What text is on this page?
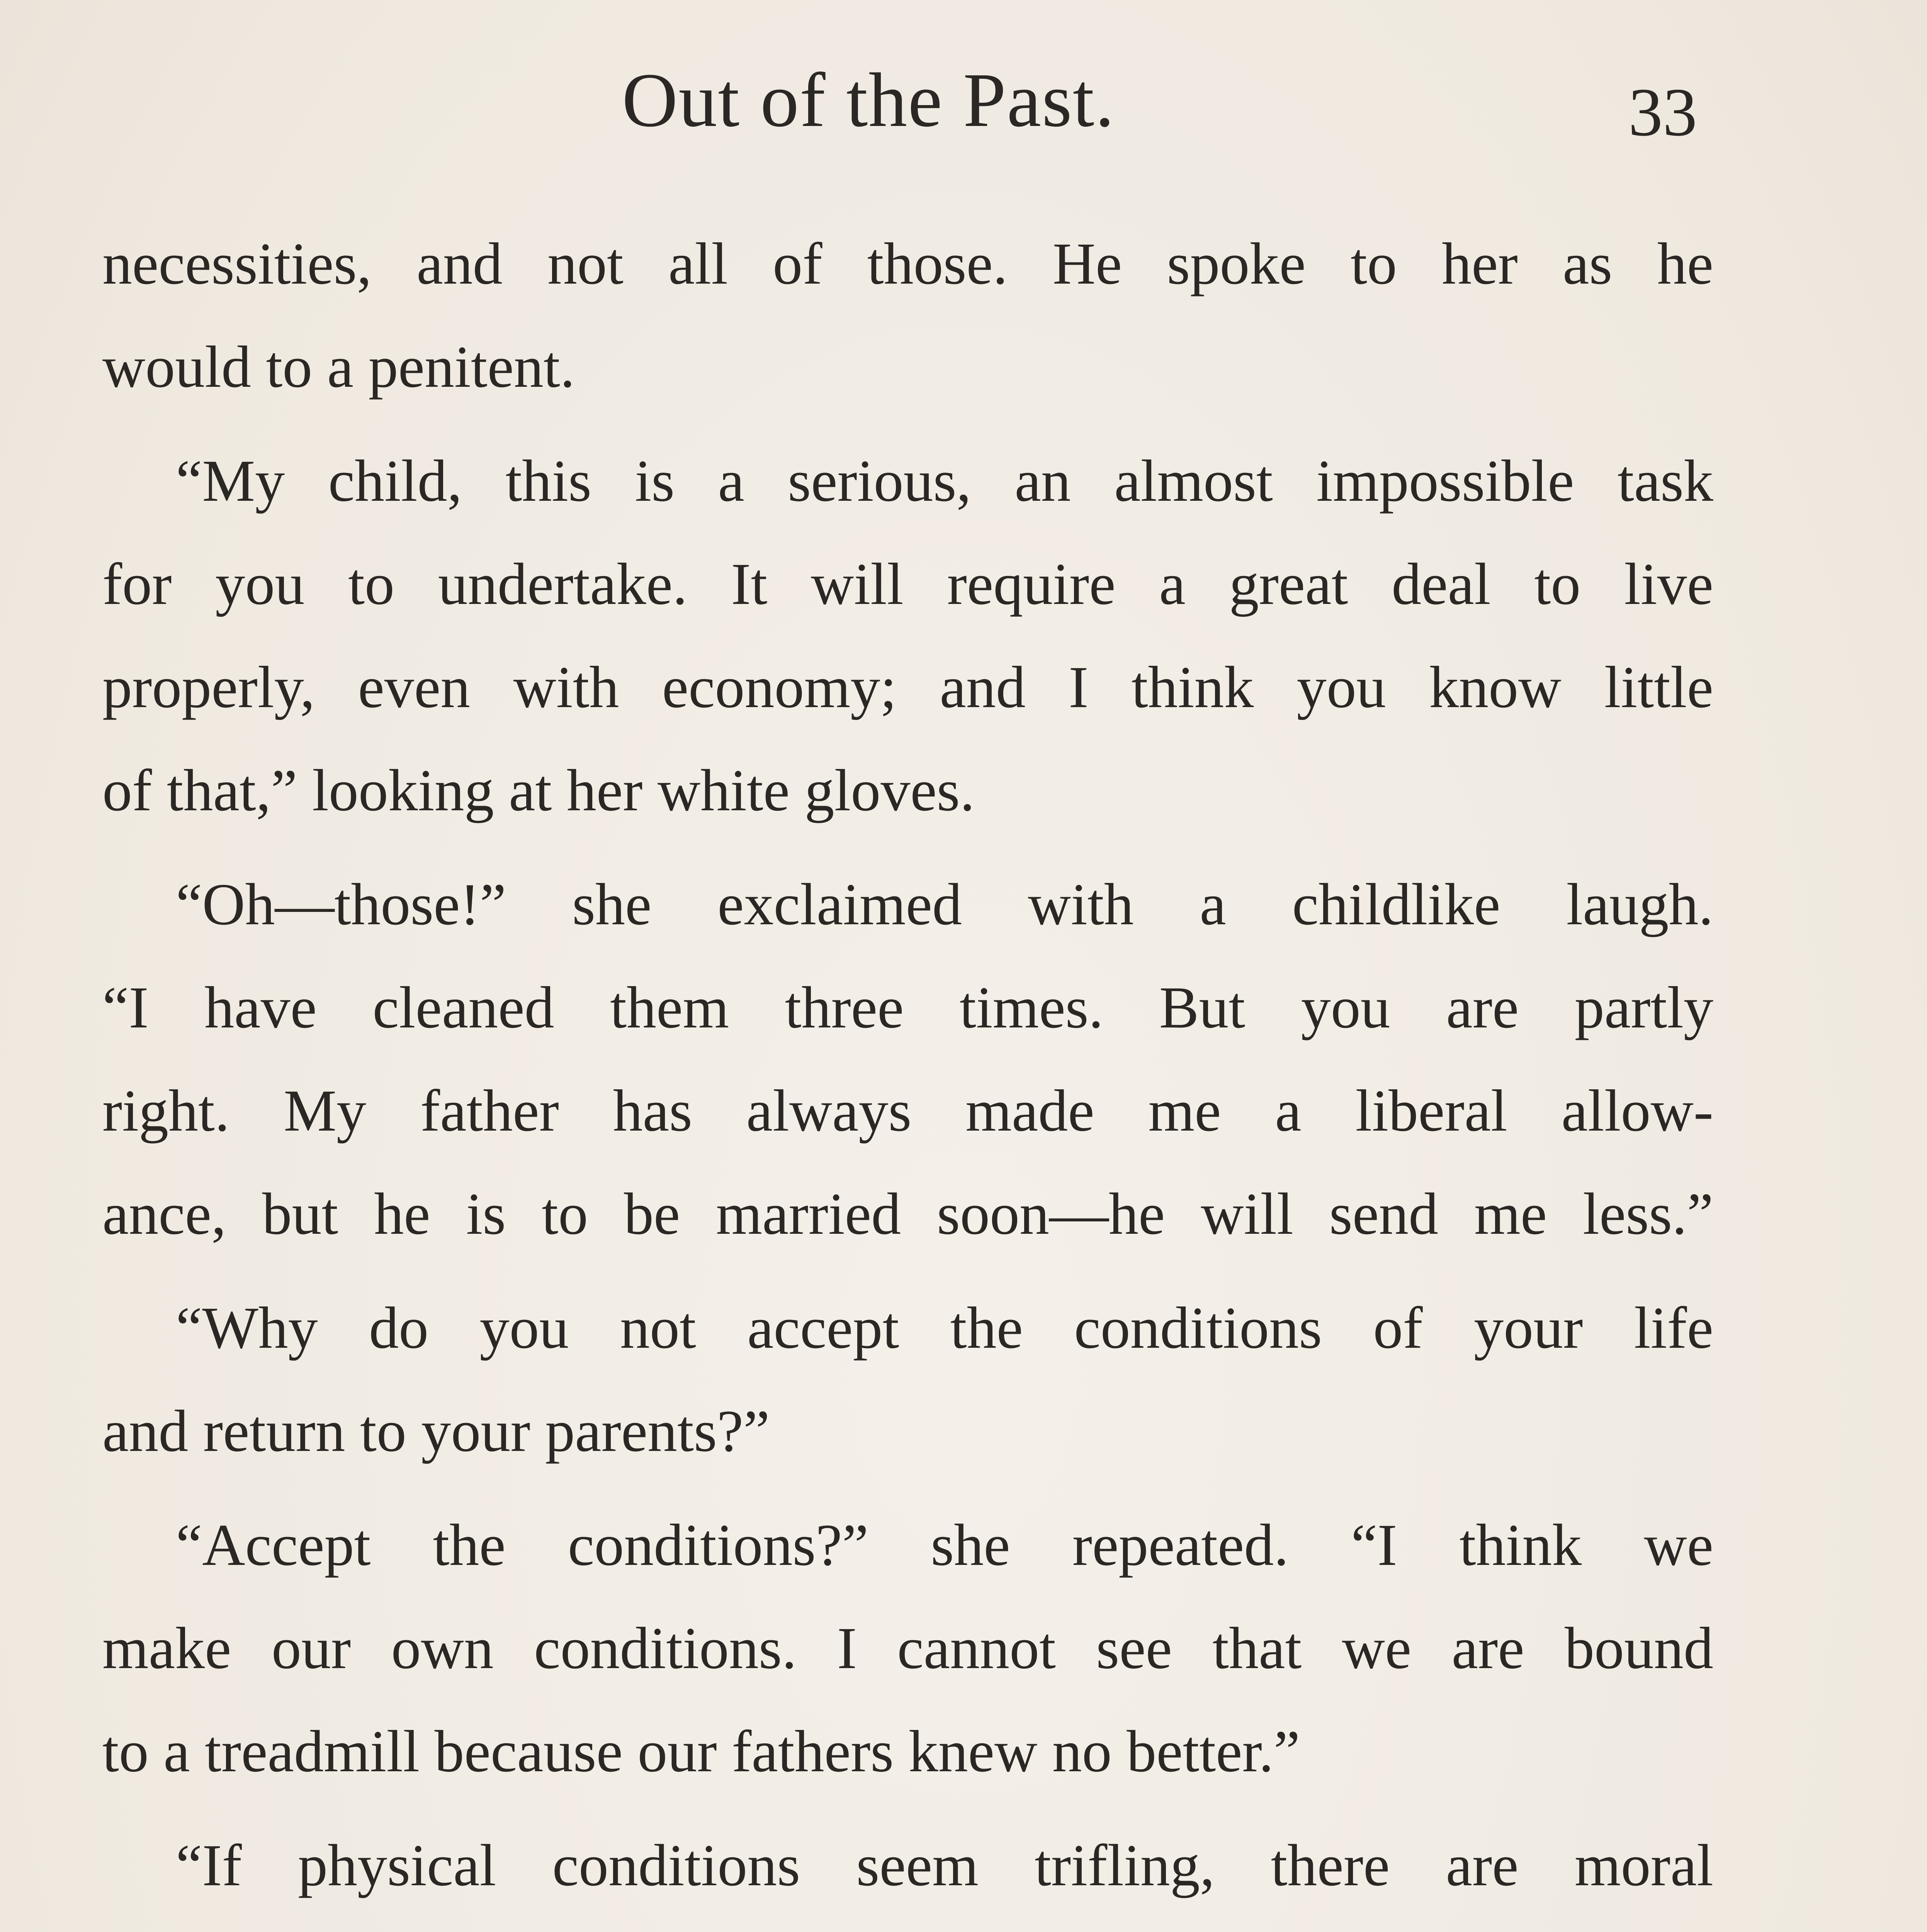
Out of the Past.	33

necessities, and not all of those. He spoke to her as he
would to a penitent.

“My child, this is a serious, an almost impossible task
for you to undertake. It will require a great deal to live
properly, even with economy; and I think you know little
of that,” looking at her white gloves.

“Oh—those!” she exclaimed with a childlike laugh.
“I have cleaned them three times. But you are partly
right. My father has always made me a liberal allow-
ance, but he is to be married soon—he will send me less.”

“Why do you not accept the conditions of your life
and return to your parents?”

“Accept the conditions?” she repeated. “I think we
make our own conditions. I cannot see that we are bound
to a treadmill because our fathers knew no better.”

“If physical conditions seem trifling, there are moral
